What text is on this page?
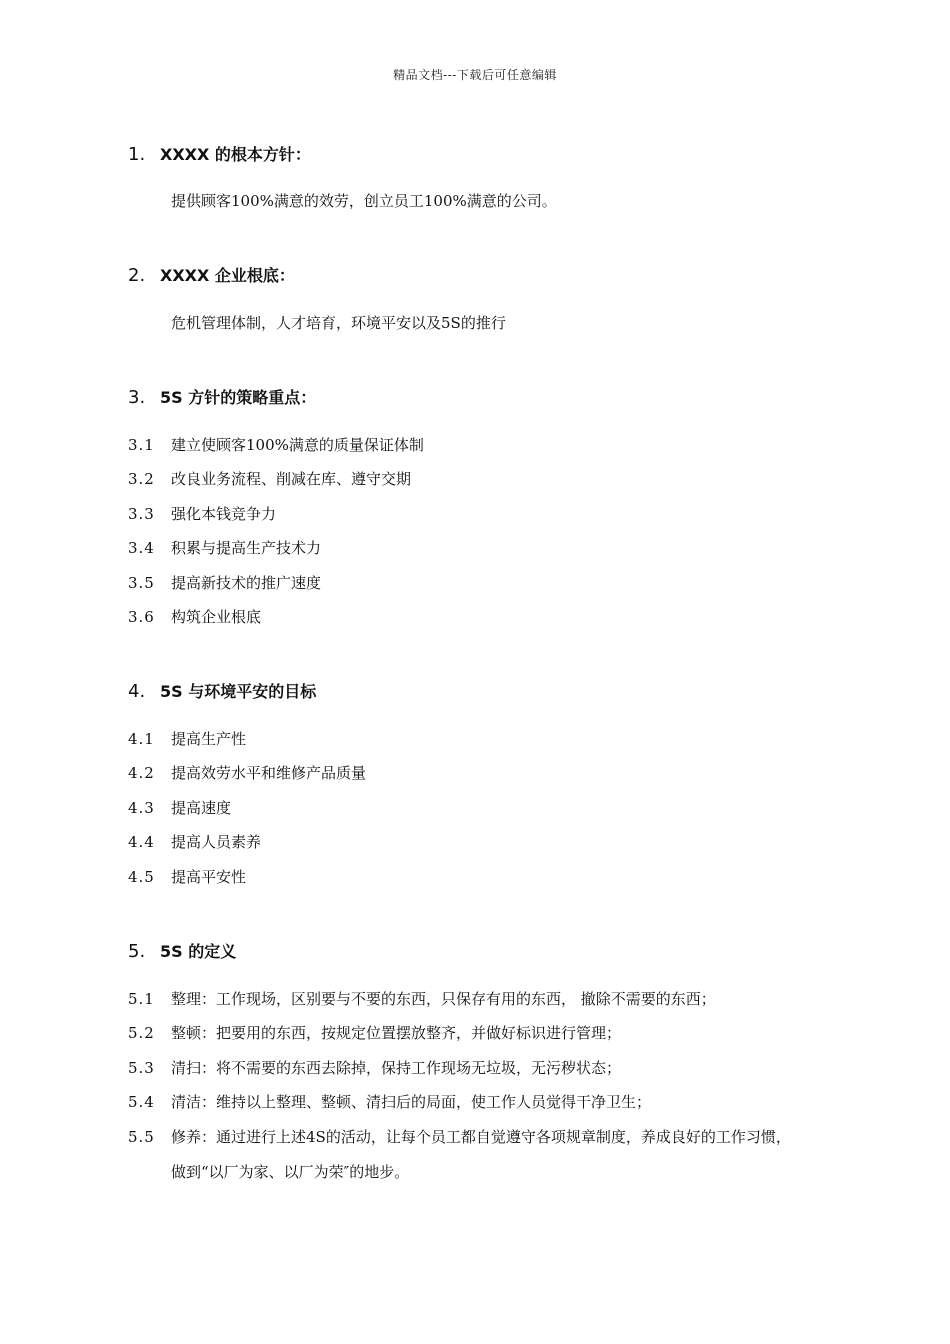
精品文档---下载后可任意编辑
1. XXXX 的根本方针：
提供顾客100%满意的效劳，创立员工100%满意的公司。
2. XXXX 企业根底：
危机管理体制，人才培育，环境平安以及5S的推行
3. 5S 方针的策略重点：
3.1 建立使顾客100%满意的质量保证体制
3.2 改良业务流程、削减在库、遵守交期
3.3 强化本钱竞争力
3.4 积累与提高生产技术力
3.5 提高新技术的推广速度
3.6 构筑企业根底
4. 5S 与环境平安的目标
4.1 提高生产性
4.2 提高效劳水平和维修产品质量
4.3 提高速度
4.4 提高人员素养
4.5 提高平安性
5. 5S 的定义
5.1 整理：工作现场，区别要与不要的东西，只保存有用的东西， 撤除不需要的东西；
5.2 整顿：把要用的东西，按规定位置摆放整齐，并做好标识进行管理；
5.3 清扫：将不需要的东西去除掉，保持工作现场无垃圾，无污秽状态；
5.4 清洁：维持以上整理、整顿、清扫后的局面，使工作人员觉得干净卫生；
5.5 修养：通过进行上述4S的活动，让每个员工都自觉遵守各项规章制度，养成良好的工作习惯，
做到“以厂为家、以厂为荣″的地步。
